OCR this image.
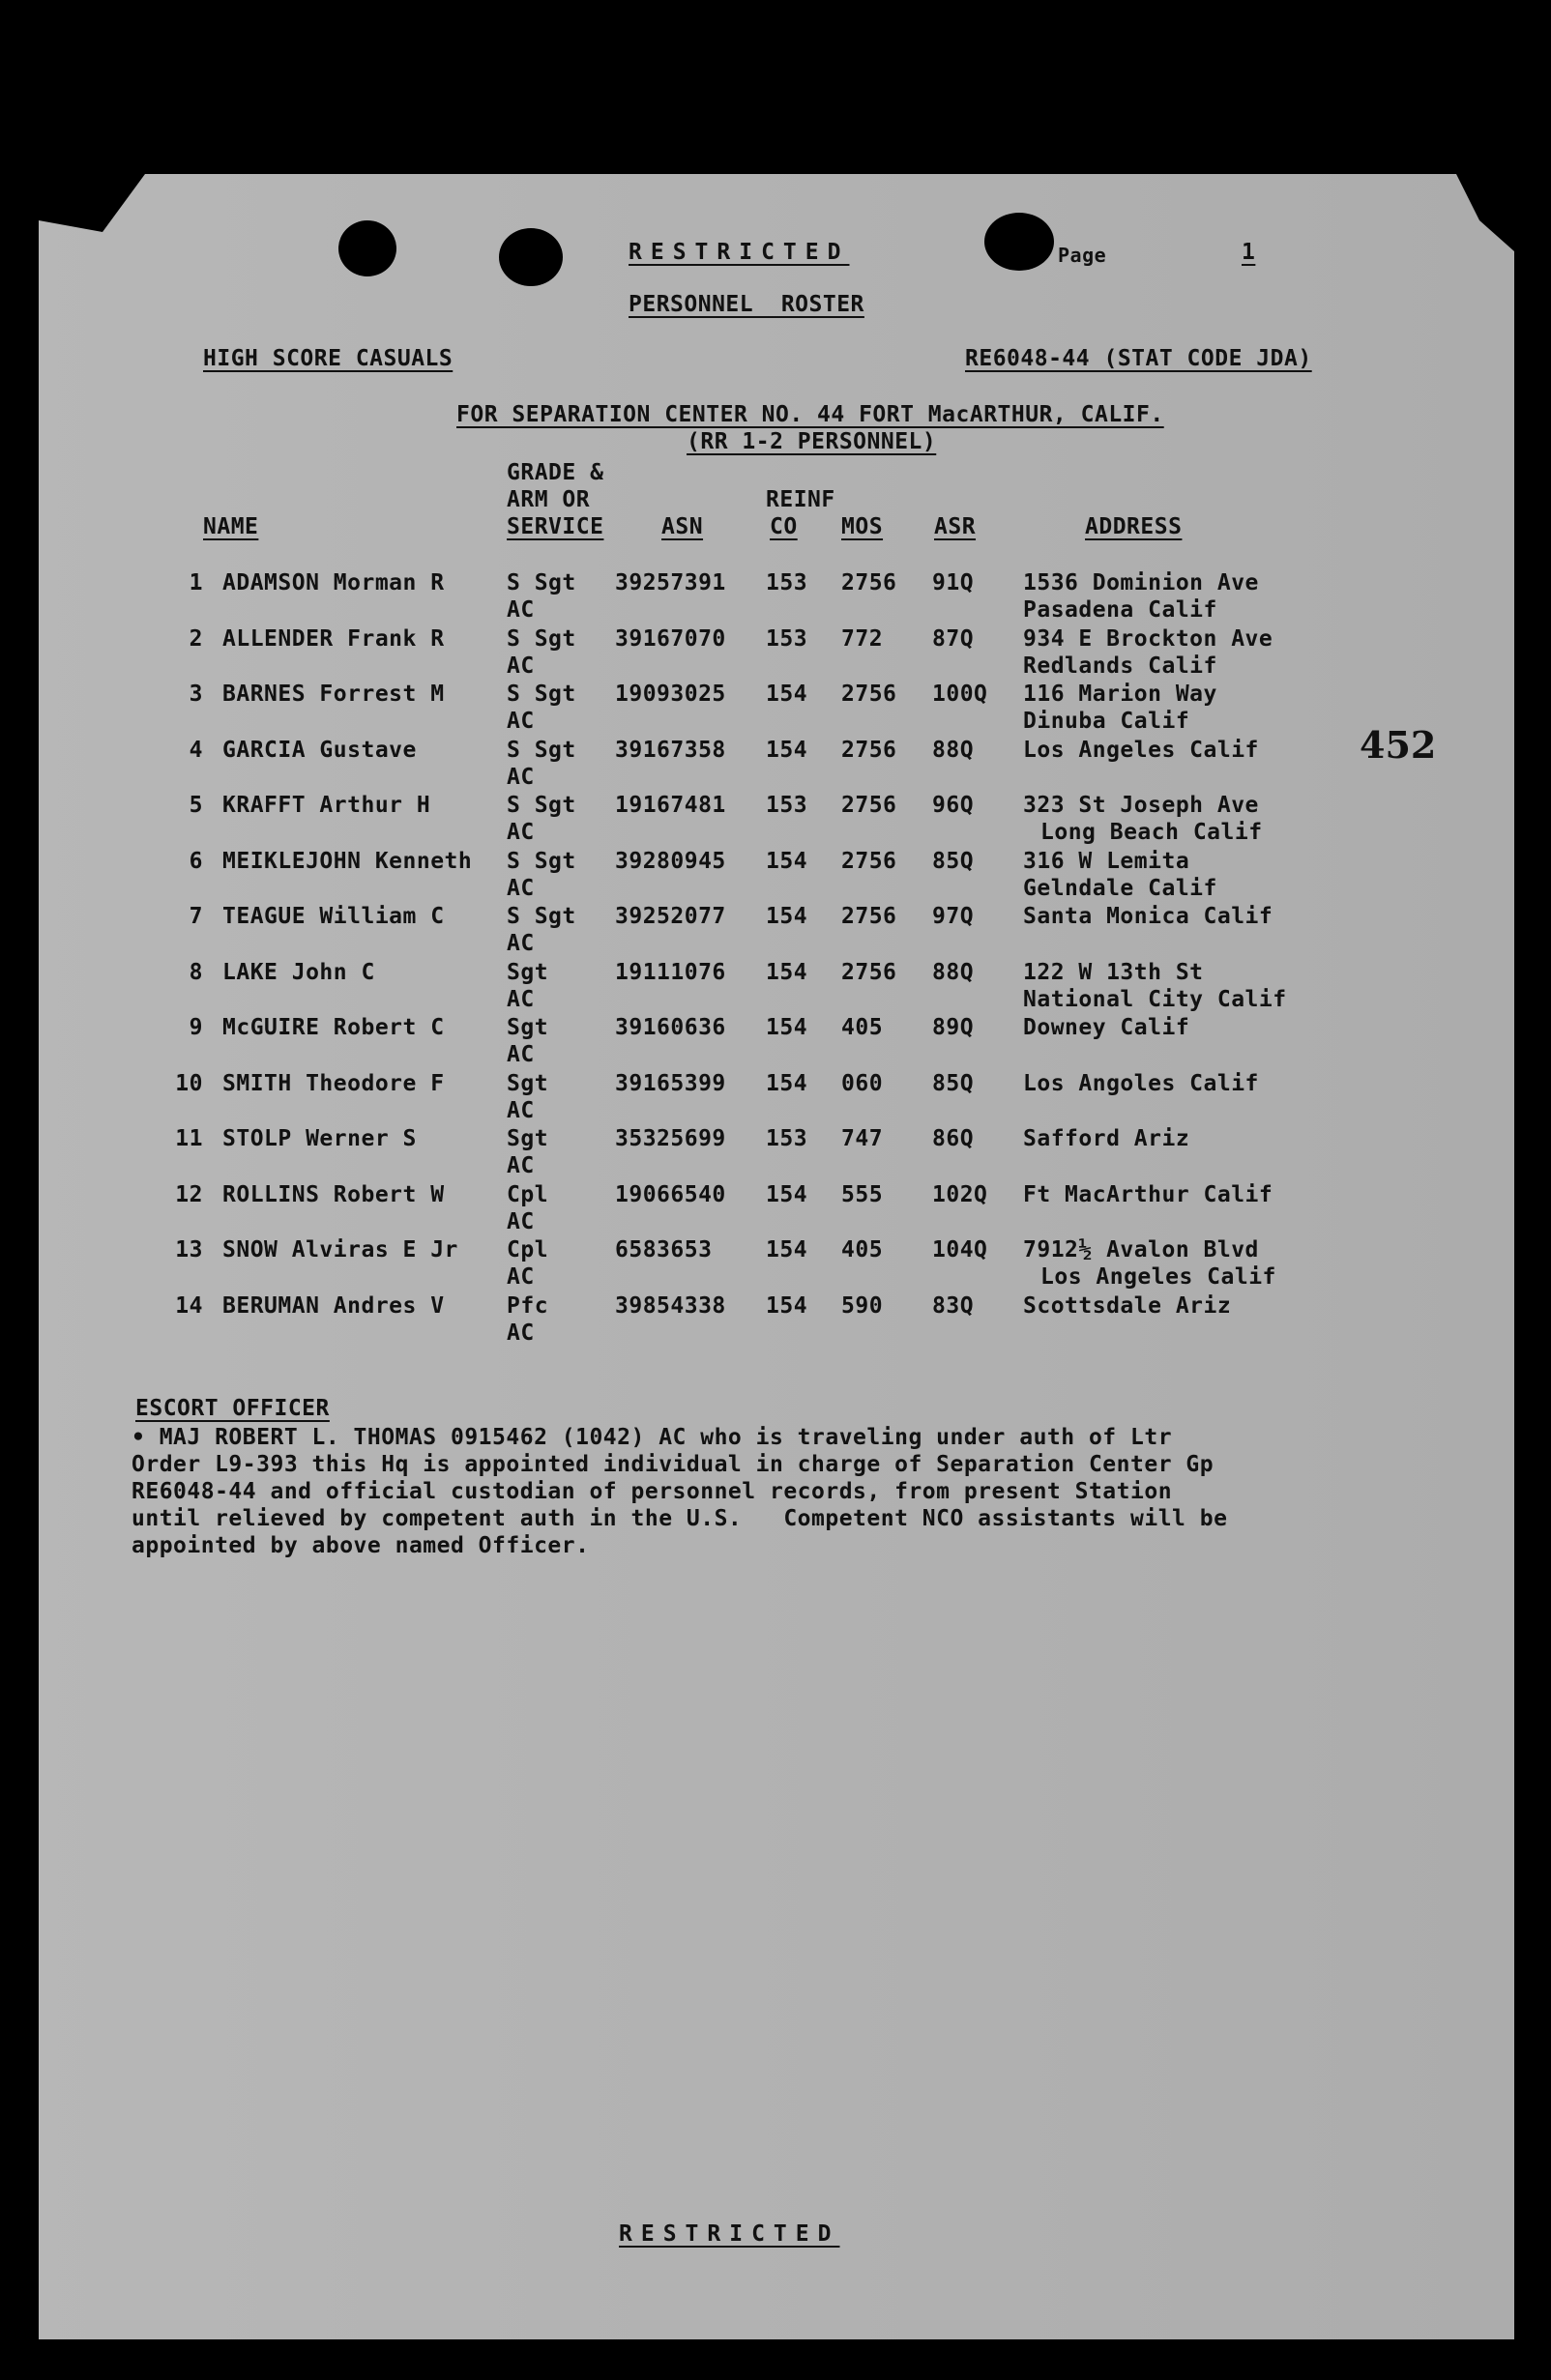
RESTRICTED	Page	1
PERSONNEL  ROSTER
HIGH SCORE CASUALS	RE6048-44 (STAT CODE JDA)
FOR SEPARATION CENTER NO. 44 FORT MacARTHUR, CALIF.
(RR 1-2 PERSONNEL)
GRADE &
ARM OR	REINF
NAME	SERVICE	ASN	CO MOS ASR	ADDRESS
1 ADAMSON Morman R	S Sgt 39257391 153 2756 91Q 1536 Dominion Ave
AC	Pasadena Calif
2 ALLENDER Frank R	S Sgt 39167070 153 772 87Q 934 E Brockton Ave
AC	Redlands Calif
3 BARNES Forrest M	S Sgt 19093025 154 2756 100Q 116 Marion Way
AC	Dinuba Calif
4 GARCIA Gustave	S Sgt 39167358 154 2756 88Q Los Angeles Calif
AC
5 KRAFFT Arthur H	S Sgt 19167481 153 2756 96Q 323 St Joseph Ave
AC	Long Beach Calif
6 MEIKLEJOHN Kenneth S Sgt 39280945 154 2756 85Q 316 W Lemita
AC	Gelndale Calif
7 TEAGUE William C	S Sgt 39252077 154 2756 97Q Santa Monica Calif
AC
8 LAKE John C	Sgt	19111076 154 2756 88Q 122 W 13th St
AC	National City Calif
9 McGUIRE Robert C	Sgt	39160636 154 405 89Q Downey Calif
AC
10 SMITH Theodore F	Sgt	39165399 154 060 85Q Los Angoles Calif
AC
11 STOLP Werner S	Sgt	35325699 153 747 86Q Safford Ariz
AC
12 ROLLINS Robert W	Cpl	19066540 154 555 102Q Ft MacArthur Calif
AC
13 SNOW Alviras E Jr Cpl	6583653 154 405 104Q 7912½ Avalon Blvd
AC	Los Angeles Calif
14 BERUMAN Andres V	Pfc	39854338 154 590 83Q Scottsdale Ariz
AC
452
ESCORT OFFICER
• MAJ ROBERT L. THOMAS 0915462 (1042) AC who is traveling under auth of Ltr
Order L9-393 this Hq is appointed individual in charge of Separation Center Gp
RE6048-44 and official custodian of personnel records, from present Station
until relieved by competent auth in the U.S.   Competent NCO assistants will be
appointed by above named Officer.
RESTRICTED
